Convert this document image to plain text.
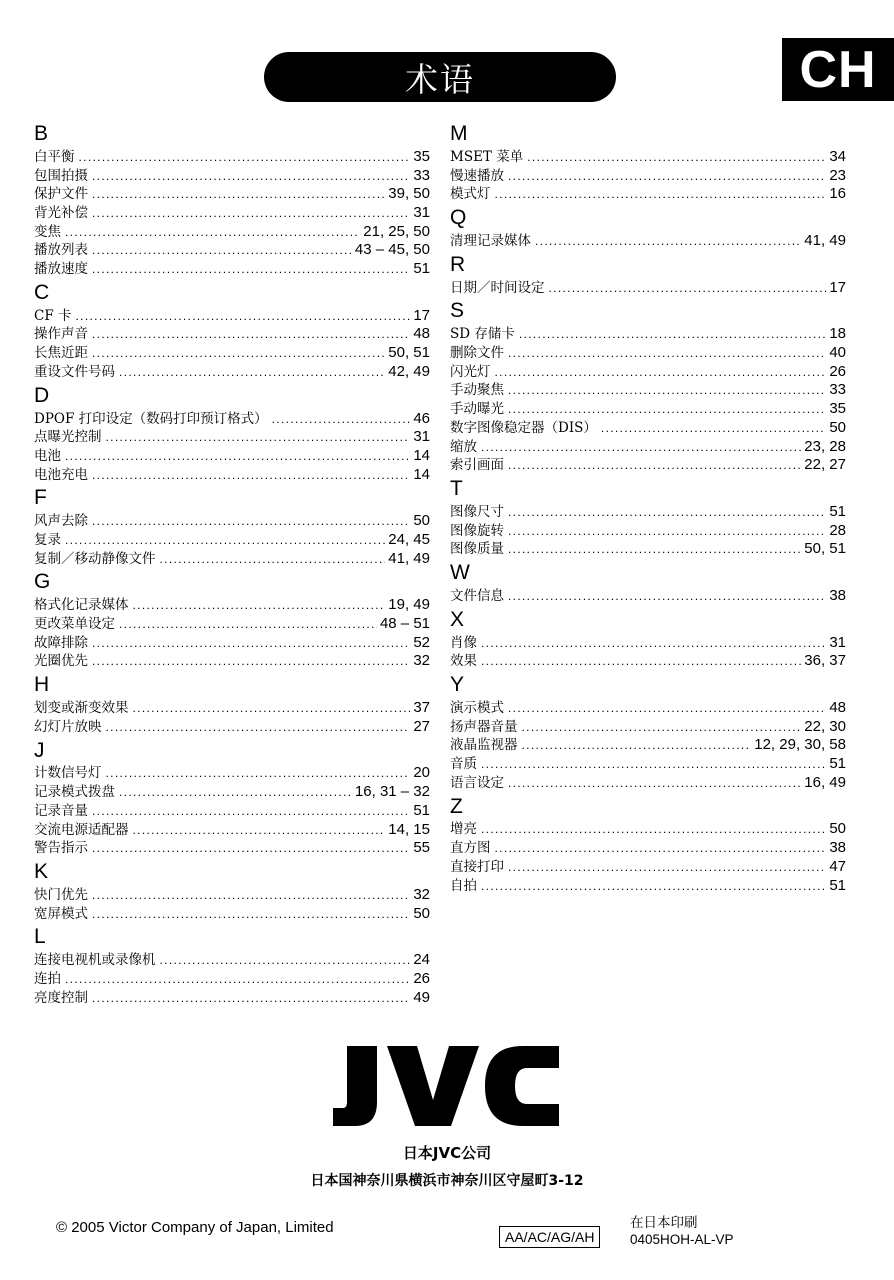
术语	CH
B
白平衡 . . .	35
包围拍摄 . . .	33
保护文件 . . .	39, 50
背光补偿 . . .	31
变焦 . . .	21, 25, 50
播放列表 . . .	43 – 45, 50
播放速度 . . .	51
C
CF 卡 . . .	17
操作声音 . . .	48
长焦近距 . . .	50, 51
重设文件号码 . . .	42, 49
D
DPOF 打印设定（数码打印预订格式） . . .	46
点曝光控制 . . .	31
电池 . . .	14
电池充电 . . .	14
F
风声去除 . . .	50
复录 . . .	24, 45
复制／移动静像文件 . . .	41, 49
G
格式化记录媒体 . . .	19, 49
更改菜单设定 . . .	48 – 51
故障排除 . . .	52
光圈优先 . . .	32
H
划变或渐变效果 . . .	37
幻灯片放映 . . .	27
J
计数信号灯 . . .	20
记录模式拨盘 . . .	16, 31 – 32
记录音量 . . .	51
交流电源适配器 . . .	14, 15
警告指示 . . .	55
K
快门优先 . . .	32
宽屏模式 . . .	50
L
连接电视机或录像机 . . .	24
连拍 . . .	26
亮度控制 . . .	49
M
MSET 菜单 . . .	34
慢速播放 . . .	23
模式灯 . . .	16
Q
清理记录媒体 . . .	41, 49
R
日期／时间设定 . . .	17
S
SD 存储卡 . . .	18
删除文件 . . .	40
闪光灯 . . .	26
手动聚焦 . . .	33
手动曝光 . . .	35
数字图像稳定器（DIS） . . .	50
缩放 . . .	23, 28
索引画面 . . .	22, 27
T
图像尺寸 . . .	51
图像旋转 . . .	28
图像质量 . . .	50, 51
W
文件信息 . . .	38
X
肖像 . . .	31
效果 . . .	36, 37
Y
演示模式 . . .	48
扬声器音量 . . .	22, 30
液晶监视器 . . .	12, 29, 30, 58
音质 . . .	51
语言设定 . . .	16, 49
Z
增亮 . . .	50
直方图 . . .	38
直接打印 . . .	47
自拍 . . .	51
日本JVC公司
日本国神奈川県横浜市神奈川区守屋町3-12
© 2005 Victor Company of Japan, Limited
AA/AC/AG/AH
在日本印刷
0405HOH-AL-VP
